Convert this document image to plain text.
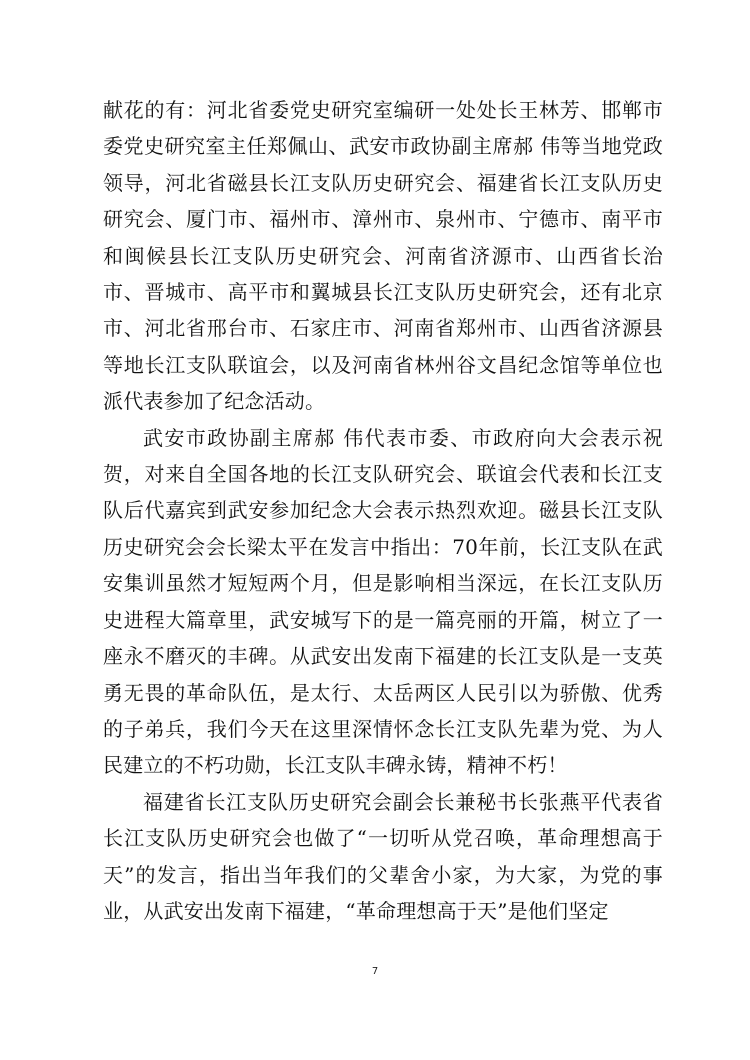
献花的有：河北省委党史研究室编研一处处长王林芳、邯郸市委党史研究室主任郑佩山、武安市政协副主席郝 伟等当地党政领导，河北省磁县长江支队历史研究会、福建省长江支队历史研究会、厦门市、福州市、漳州市、泉州市、宁德市、南平市和闽候县长江支队历史研究会、河南省济源市、山西省长治市、晋城市、高平市和翼城县长江支队历史研究会，还有北京市、河北省邢台市、石家庄市、河南省郑州市、山西省济源县等地长江支队联谊会，以及河南省林州谷文昌纪念馆等单位也派代表参加了纪念活动。

武安市政协副主席郝 伟代表市委、市政府向大会表示祝贺，对来自全国各地的长江支队研究会、联谊会代表和长江支队后代嘉宾到武安参加纪念大会表示热烈欢迎。磁县长江支队历史研究会会长梁太平在发言中指出：70年前，长江支队在武安集训虽然才短短两个月，但是影响相当深远，在长江支队历史进程大篇章里，武安城写下的是一篇亮丽的开篇，树立了一座永不磨灭的丰碑。从武安出发南下福建的长江支队是一支英勇无畏的革命队伍，是太行、太岳两区人民引以为骄傲、优秀的子弟兵，我们今天在这里深情怀念长江支队先辈为党、为人民建立的不朽功勋，长江支队丰碑永铸，精神不朽！

福建省长江支队历史研究会副会长兼秘书长张燕平代表省长江支队历史研究会也做了“一切听从党召唤，革命理想高于天”的发言，指出当年我们的父辈舍小家，为大家，为党的事业，从武安出发南下福建，“革命理想高于天”是他们坚定

7
